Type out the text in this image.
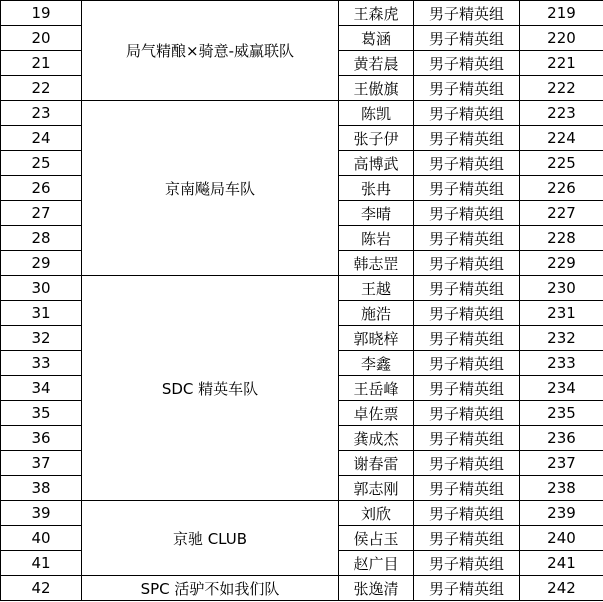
19	局气精酿×骑意-威赢联队	王森虎	男子精英组	219
20		葛涵	男子精英组	220
21		黄若晨	男子精英组	221
22		王傲旗	男子精英组	222
23	京南飚局车队	陈凯	男子精英组	223
24		张子伊	男子精英组	224
25		高博武	男子精英组	225
26		张冉	男子精英组	226
27		李晴	男子精英组	227
28		陈岩	男子精英组	228
29		韩志罡	男子精英组	229
30	SDC 精英车队	王越	男子精英组	230
31		施浩	男子精英组	231
32		郭晓梓	男子精英组	232
33		李鑫	男子精英组	233
34		王岳峰	男子精英组	234
35		卓佐票	男子精英组	235
36		龚成杰	男子精英组	236
37		谢春雷	男子精英组	237
38		郭志刚	男子精英组	238
39	京驰 CLUB	刘欣	男子精英组	239
40		侯占玉	男子精英组	240
41		赵广目	男子精英组	241
42	SPC 活驴不如我们队	张逸清	男子精英组	242
